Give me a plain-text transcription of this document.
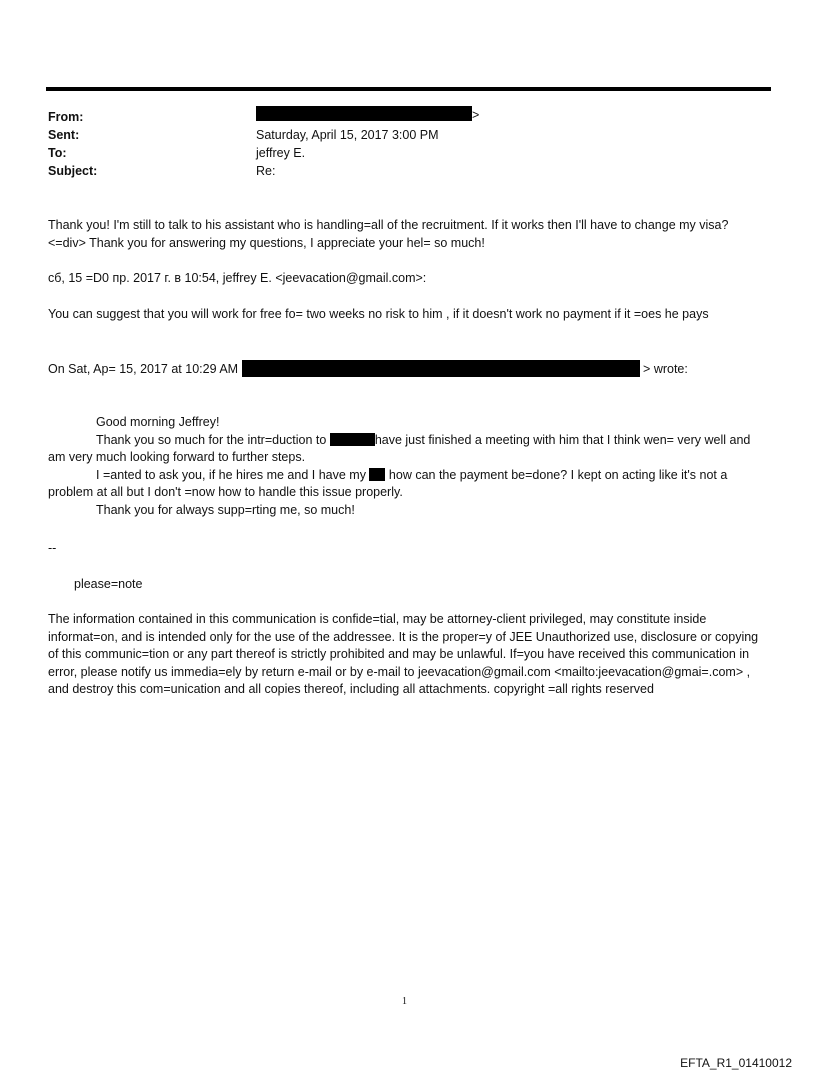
From:	>
Sent:	Saturday, April 15, 2017 3:00 PM
To:	jeffrey E.
Subject:	Re:
Thank you! I'm still to talk to his assistant who is handling=all of the recruitment. If it works then I'll have to change my visa?<=div> Thank you for answering my questions, I appreciate your hel= so much!
сб, 15 =D0 пр. 2017 г. в 10:54, jeffrey E. <jeevacation@gmail.com>:
You can suggest that you will work for free fo= two weeks no risk to him , if it doesn't work no payment if it =oes he pays
On Sat, Ap= 15, 2017 at 10:29 AM	> wrote:

Good morning Jeffrey!

Thank you so much for the intr=duction to	have just finished a meeting with him that I think wen= very well and am very much looking forward to further steps.

I =anted to ask you, if he hires me and I have my how can the payment be=done? I kept on acting like it's not a problem at all but I don't =now how to handle this issue properly.

Thank you for always supp=rting me, so much!

--
please=note
The information contained in this communication is confide=tial, may be attorney-client privileged, may constitute inside informat=on, and is intended only for the use of the addressee. It is the proper=y of JEE Unauthorized use, disclosure or copying of this communic=tion or any part thereof is strictly prohibited and may be unlawful. If=you have received this communication in error, please notify us immedia=ely by return e-mail or by e-mail to jeevacation@gmail.com <mailto:jeevacation@gmai=.com> , and destroy this com=unication and all copies thereof, including all attachments. copyright =all rights reserved
1
EFTA_R1_01410012
